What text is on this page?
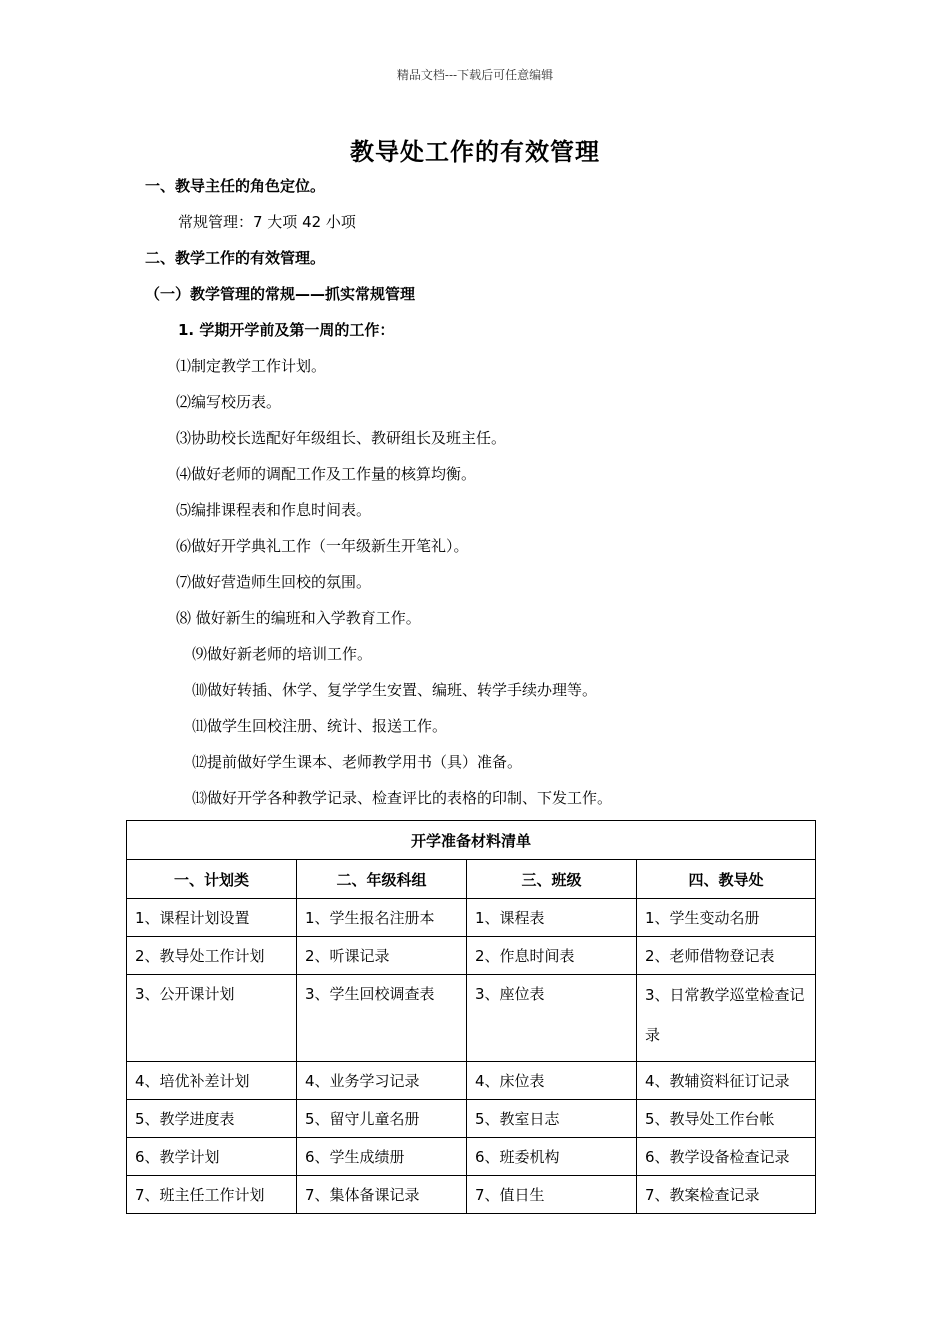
精品文档---下载后可任意编辑
教导处工作的有效管理
一、教导主任的角色定位。
常规管理：7 大项 42 小项
二、教学工作的有效管理。
（一）教学管理的常规——抓实常规管理
1. 学期开学前及第一周的工作：
⑴制定教学工作计划。
⑵编写校历表。
⑶协助校长选配好年级组长、教研组长及班主任。
⑷做好老师的调配工作及工作量的核算均衡。
⑸编排课程表和作息时间表。
⑹做好开学典礼工作（一年级新生开笔礼）。
⑺做好营造师生回校的氛围。
⑻ 做好新生的编班和入学教育工作。
⑼做好新老师的培训工作。
⑽做好转插、休学、复学学生安置、编班、转学手续办理等。
⑾做学生回校注册、统计、报送工作。
⑿提前做好学生课本、老师教学用书（具）准备。
⒀做好开学各种教学记录、检查评比的表格的印制、下发工作。
开学准备材料清单			
一、计划类	二、年级科组	三、班级	四、教导处
1、课程计划设置	1、学生报名注册本	1、课程表	1、学生变动名册
2、教导处工作计划	2、听课记录	2、作息时间表	2、老师借物登记表
3、公开课计划	3、学生回校调查表	3、座位表	3、日常教学巡堂检查记录
4、培优补差计划	4、业务学习记录	4、床位表	4、教辅资料征订记录
5、教学进度表	5、留守儿童名册	5、教室日志	5、教导处工作台帐
6、教学计划	6、学生成绩册	6、班委机构	6、教学设备检查记录
7、班主任工作计划	7、集体备课记录	7、值日生	7、教案检查记录
